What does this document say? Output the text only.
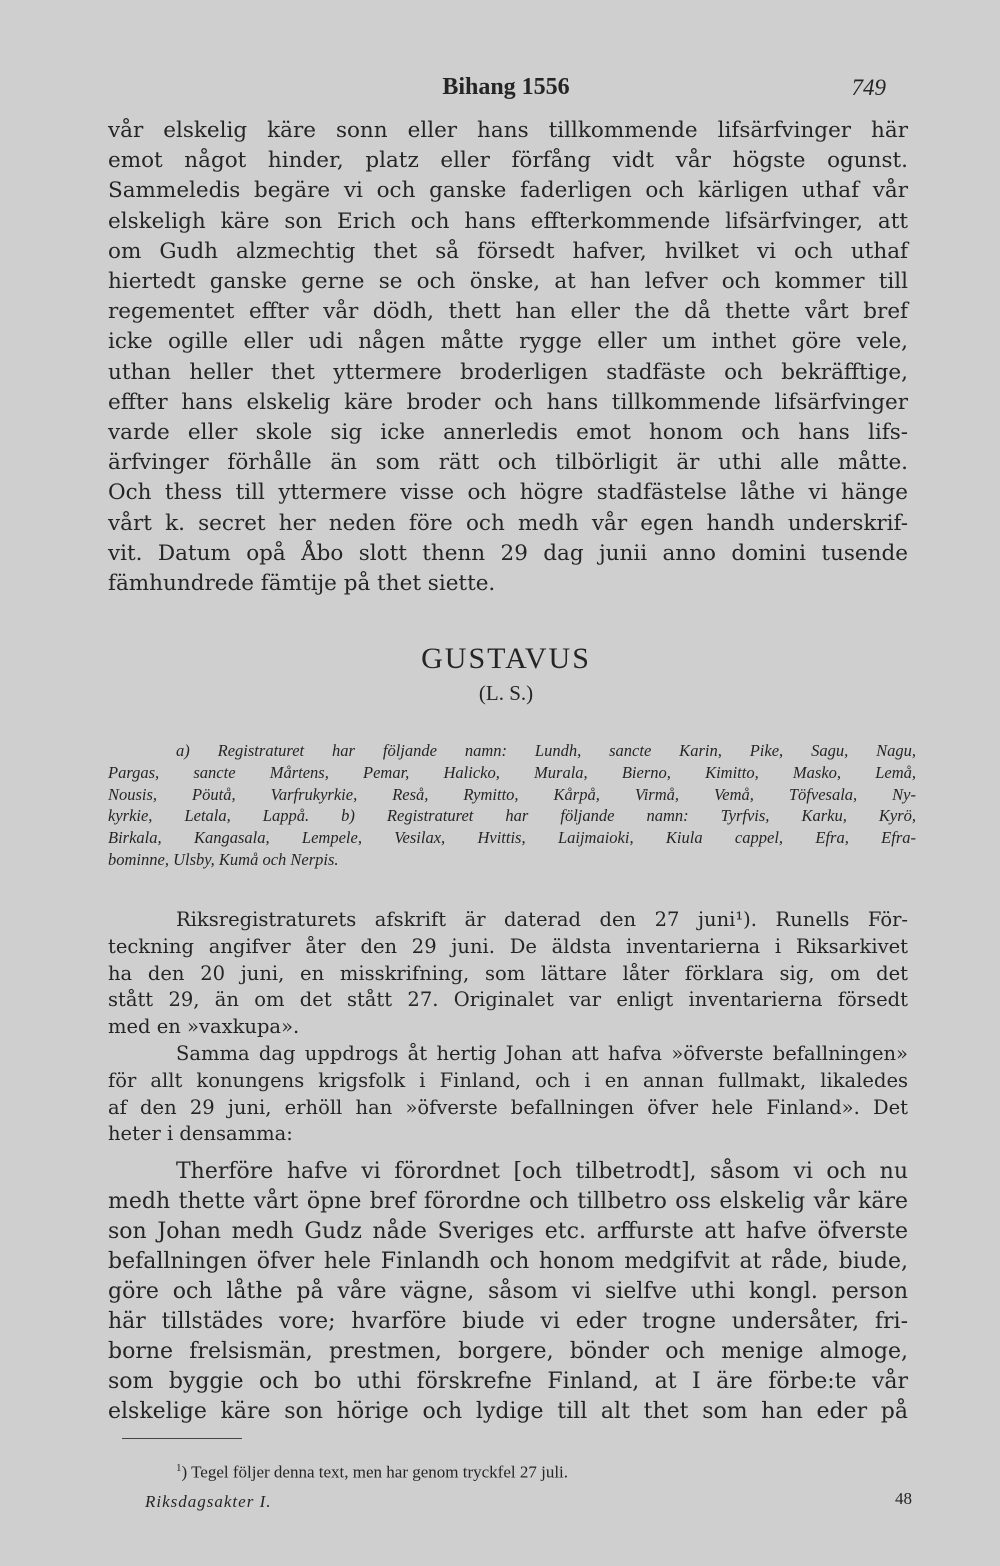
Bihang 1556	749
vår elskelig käre sonn eller hans tillkommende lifsärfvinger här
emot något hinder, platz eller förfång vidt vår högste ogunst.
Sammeledis begäre vi och ganske faderligen och kärligen uthaf vår
elskeligh käre son Erich och hans effterkommende lifsärfvinger, att
om Gudh alzmechtig thet så försedt hafver, hvilket vi och uthaf
hiertedt ganske gerne se och önske, at han lefver och kommer till
regementet effter vår dödh, thett han eller the då thette vårt bref
icke ogille eller udi någen måtte rygge eller um inthet göre vele,
uthan heller thet yttermere broderligen stadfäste och bekräfftige,
effter hans elskelig käre broder och hans tillkommende lifsärfvinger
varde eller skole sig icke annerledis emot honom och hans lifs-
ärfvinger förhålle än som rätt och tilbörligit är uthi alle måtte.
Och thess till yttermere visse och högre stadfästelse låthe vi hänge
vårt k. secret her neden före och medh vår egen handh underskrif-
vit. Datum opå Åbo slott thenn 29 dag junii anno domini tusende
fämhundrede fämtije på thet siette.
GUSTAVUS
(L. S.)
a) Registraturet har följande namn: Lundh, sancte Karin, Pike, Sagu, Nagu,
Pargas, sancte Mårtens, Pemar, Halicko, Murala, Bierno, Kimitto, Masko, Lemå,
Nousis, Pöutå, Varfrukyrkie, Reså, Rymitto, Kårpå, Virmå, Vemå, Töfvesala, Ny-
kyrkie, Letala, Lappå. b) Registraturet har följande namn: Tyrfvis, Karku, Kyrö,
Birkala, Kangasala, Lempele, Vesilax, Hvittis, Laijmaioki, Kiula cappel, Efra, Efra-
bominne, Ulsby, Kumå och Nerpis.
Riksregistraturets afskrift är daterad den 27 juni¹). Runells För-
teckning angifver åter den 29 juni. De äldsta inventarierna i Riksarkivet
ha den 20 juni, en misskrifning, som lättare låter förklara sig, om det
stått 29, än om det stått 27. Originalet var enligt inventarierna försedt
med en »vaxkupa».
Samma dag uppdrogs åt hertig Johan att hafva »öfverste befallningen»
för allt konungens krigsfolk i Finland, och i en annan fullmakt, likaledes
af den 29 juni, erhöll han »öfverste befallningen öfver hele Finland». Det
heter i densamma:
Therföre hafve vi förordnet [och tilbetrodt], såsom vi och nu
medh thette vårt öpne bref förordne och tillbetro oss elskelig vår käre
son Johan medh Gudz nåde Sveriges etc. arffurste att hafve öfverste
befallningen öfver hele Finlandh och honom medgifvit at råde, biude,
göre och låthe på våre vägne, såsom vi sielfve uthi kongl. person
här tillstädes vore; hvarföre biude vi eder trogne undersåter, fri-
borne frelsismän, prestmen, borgere, bönder och menige almoge,
som byggie och bo uthi förskrefne Finland, at I äre förbe:te vår
elskelige käre son hörige och lydige till alt thet som han eder på
$^1$) Tegel följer denna text, men har genom tryckfel 27 juli.
Riksdagsakter I.	48
